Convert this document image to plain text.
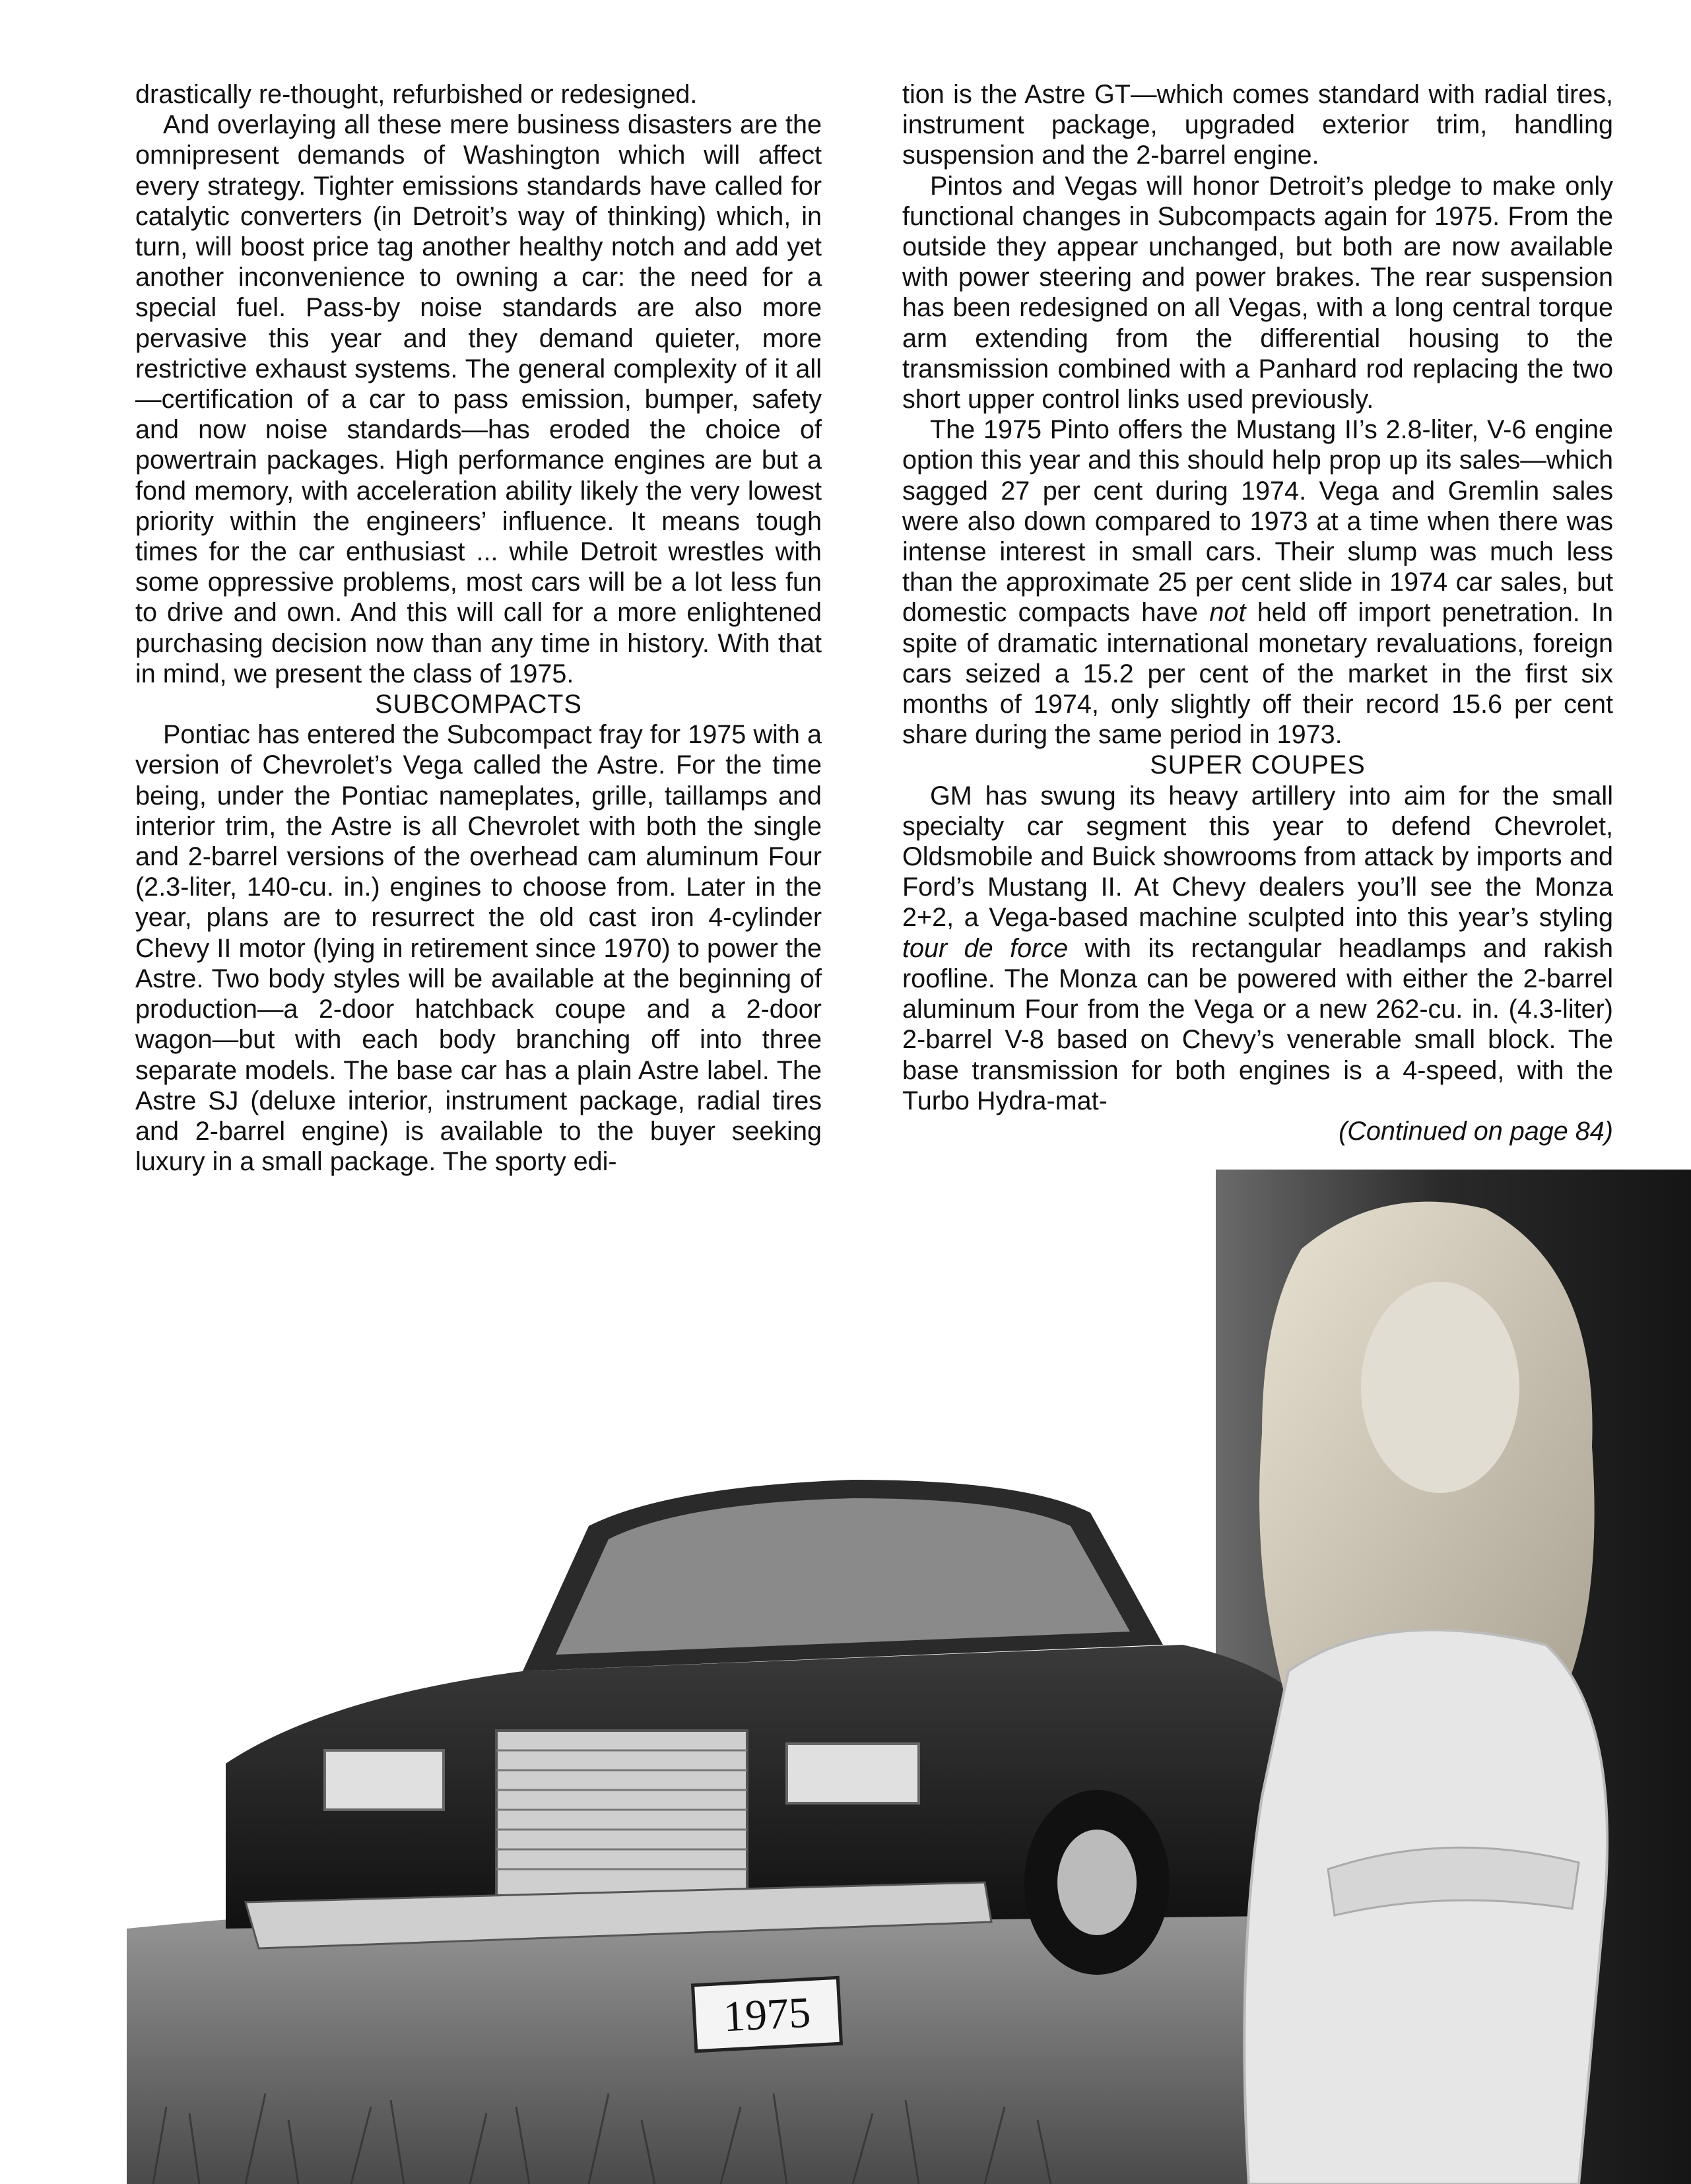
drastically re-thought, refurbished or redesigned.

And overlaying all these mere business disasters are the omnipresent demands of Washington which will affect every strategy. Tighter emissions standards have called for catalytic converters (in Detroit’s way of thinking) which, in turn, will boost price tag another healthy notch and add yet another inconvenience to owning a car: the need for a special fuel. Pass-by noise standards are also more pervasive this year and they demand quieter, more restrictive exhaust systems. The general complexity of it all—certification of a car to pass emission, bumper, safety and now noise standards—has eroded the choice of powertrain packages. High performance engines are but a fond memory, with acceleration ability likely the very lowest priority within the engineers’ influence. It means tough times for the car enthusiast ... while Detroit wrestles with some oppressive problems, most cars will be a lot less fun to drive and own. And this will call for a more enlightened purchasing decision now than any time in history. With that in mind, we present the class of 1975.

SUBCOMPACTS

Pontiac has entered the Subcompact fray for 1975 with a version of Chevrolet’s Vega called the Astre. For the time being, under the Pontiac nameplates, grille, taillamps and interior trim, the Astre is all Chevrolet with both the single and 2-barrel versions of the overhead cam aluminum Four (2.3-liter, 140-cu. in.) engines to choose from. Later in the year, plans are to resurrect the old cast iron 4-cylinder Chevy II motor (lying in retirement since 1970) to power the Astre. Two body styles will be available at the beginning of production—a 2-door hatchback coupe and a 2-door wagon—but with each body branching off into three separate models. The base car has a plain Astre label. The Astre SJ (deluxe interior, instrument package, radial tires and 2-barrel engine) is available to the buyer seeking luxury in a small package. The sporty edi-

tion is the Astre GT—which comes standard with radial tires, instrument package, upgraded exterior trim, handling suspension and the 2-barrel engine.

Pintos and Vegas will honor Detroit’s pledge to make only functional changes in Subcompacts again for 1975. From the outside they appear unchanged, but both are now available with power steering and power brakes. The rear suspension has been redesigned on all Vegas, with a long central torque arm extending from the differential housing to the transmission combined with a Panhard rod replacing the two short upper control links used previously.

The 1975 Pinto offers the Mustang II’s 2.8-liter, V-6 engine option this year and this should help prop up its sales—which sagged 27 per cent during 1974. Vega and Gremlin sales were also down compared to 1973 at a time when there was intense interest in small cars. Their slump was much less than the approximate 25 per cent slide in 1974 car sales, but domestic compacts have not held off import penetration. In spite of dramatic international monetary revaluations, foreign cars seized a 15.2 per cent of the market in the first six months of 1974, only slightly off their record 15.6 per cent share during the same period in 1973.

SUPER COUPES

GM has swung its heavy artillery into aim for the small specialty car segment this year to defend Chevrolet, Oldsmobile and Buick showrooms from attack by imports and Ford’s Mustang II. At Chevy dealers you’ll see the Monza 2+2, a Vega-based machine sculpted into this year’s styling tour de force with its rectangular headlamps and rakish roofline. The Monza can be powered with either the 2-barrel aluminum Four from the Vega or a new 262-cu. in. (4.3-liter) 2-barrel V-8 based on Chevy’s venerable small block. The base transmission for both engines is a 4-speed, with the Turbo Hydra-mat-

(Continued on page 84)

1975
